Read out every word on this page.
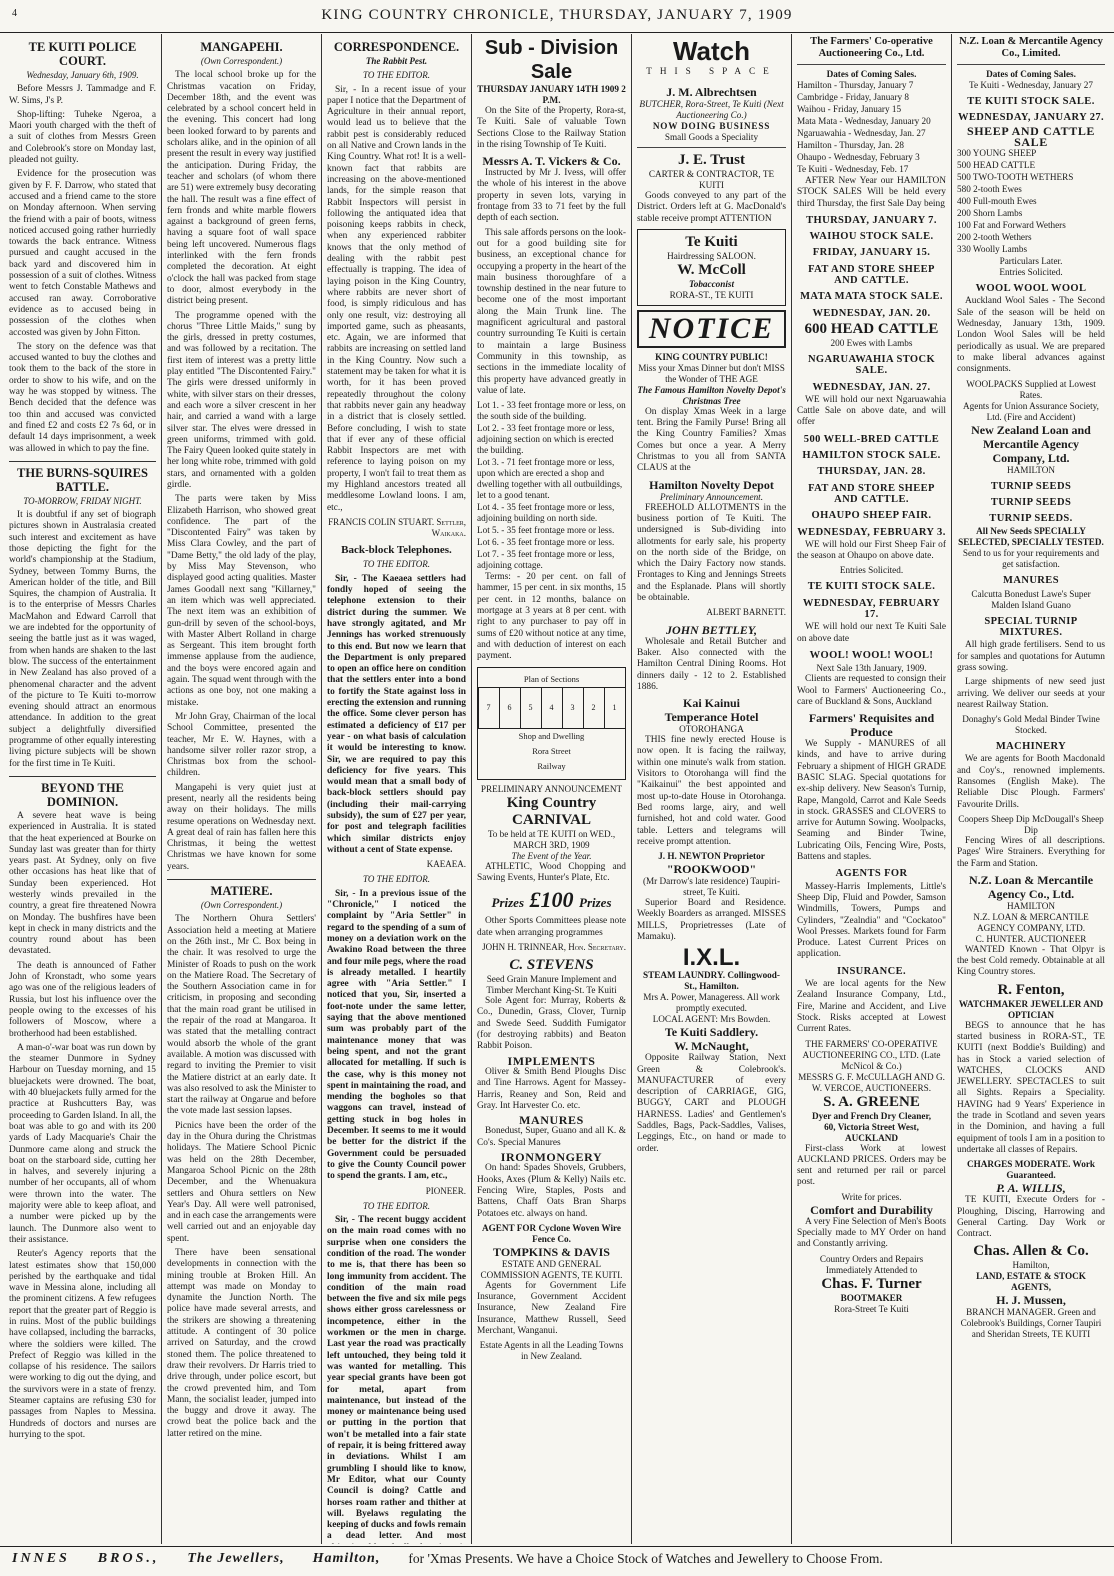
4	KING COUNTRY CHRONICLE, THURSDAY, JANUARY 7, 1909
TE KUITI POLICE COURT.
Wednesday, January 6th, 1909.

Before Messrs J. Tammadge and F. W. Sims, J's P.

Shop-lifting: Tuheke Ngeroa, a Maori youth charged with the theft of a suit of clothes from Messrs Green and Colebrook's store on Monday last, pleaded not guilty.

Evidence for the prosecution was given by F. F. Darrow, who stated that accused and a friend came to the store on Monday afternoon. When serving the friend with a pair of boots, witness noticed accused going rather hurriedly towards the back entrance. Witness pursued and caught accused in the back yard and discovered him in possession of a suit of clothes. Witness went to fetch Constable Mathews and accused ran away. Corroborative evidence as to accused being in possession of the clothes when accosted was given by John Fitton.

The story on the defence was that accused wanted to buy the clothes and took them to the back of the store in order to show to his wife, and on the way he was stopped by witness. The Bench decided that the defence was too thin and accused was convicted and fined £2 and costs £2 7s 6d, or in default 14 days imprisonment, a week was allowed in which to pay the fine.

THE BURNS-SQUIRES BATTLE.
TO-MORROW, FRIDAY NIGHT.

It is doubtful if any set of biograph pictures shown in Australasia created such interest and excitement as have those depicting the fight for the world's championship at the Stadium, Sydney, between Tommy Burns, the American holder of the title, and Bill Squires, the champion of Australia. It is to the enterprise of Messrs Charles MacMahon and Edward Carroll that we are indebted for the opportunity of seeing the battle just as it was waged, from when hands are shaken to the last blow. The success of the entertainment in New Zealand has also proved of a phenomenal character and the advent of the picture to Te Kuiti to-morrow evening should attract an enormous attendance. In addition to the great subject a delightfully diversified programme of other equally interesting living picture subjects will be shown for the first time in Te Kuiti.

BEYOND THE DOMINION.

A severe heat wave is being experienced in Australia. It is stated that the heat experienced at Bourke on Sunday last was greater than for thirty years past. At Sydney, only on five other occasions has heat like that of Sunday been experienced. Hot westerly winds prevailed in the country, a great fire threatened Nowra on Monday. The bushfires have been kept in check in many districts and the country round about has been devastated.

The death is announced of Father John of Kronstadt, who some years ago was one of the religious leaders of Russia, but lost his influence over the people owing to the excesses of his followers of Moscow, where a brotherhood had been established.

A man-o'-war boat was run down by the steamer Dunmore in Sydney Harbour on Tuesday morning, and 15 bluejackets were drowned. The boat, with 40 bluejackets fully armed for the practice at Rushcutters Bay, was proceeding to Garden Island. In all, the boat was able to go and with its 200 yards of Lady Macquarie's Chair the Dunmore came along and struck the boat on the starboard side, cutting her in halves, and severely injuring a number of her occupants, all of whom were thrown into the water. The majority were able to keep afloat, and a number were picked up by the launch. The Dunmore also went to their assistance.

Reuter's Agency reports that the latest estimates show that 150,000 perished by the earthquake and tidal wave in Messina alone, including all the prominent citizens. A few refugees report that the greater part of Reggio is in ruins. Most of the public buildings have collapsed, including the barracks, where the soldiers were killed. The Prefect of Reggio was killed in the collapse of his residence. The sailors were working to dig out the dying, and the survivors were in a state of frenzy. Steamer captains are refusing £30 for passages from Naples to Messina. Hundreds of doctors and nurses are hurrying to the spot.

MANGAPEHI.
(Own Correspondent.)

The local school broke up for the Christmas vacation on Friday, December 18th, and the event was celebrated by a school concert held in the evening. This concert had long been looked forward to by parents and scholars alike, and in the opinion of all present the result in every way justified the anticipation. During Friday, the teacher and scholars (of whom there are 51) were extremely busy decorating the hall. The result was a fine effect of fern fronds and white marble flowers against a background of green ferns, having a square foot of wall space being left uncovered. Numerous flags interlinked with the fern fronds completed the decoration. At eight o'clock the hall was packed from stage to door, almost everybody in the district being present.

The programme opened with the chorus "Three Little Maids," sung by the girls, dressed in pretty costumes, and was followed by a recitation. The first item of interest was a pretty little play entitled "The Discontented Fairy." The girls were dressed uniformly in white, with silver stars on their dresses, and each wore a silver crescent in her hair, and carried a wand with a large silver star. The elves were dressed in green uniforms, trimmed with gold. The Fairy Queen looked quite stately in her long white robe, trimmed with gold stars, and ornamented with a golden girdle.

The parts were taken by Miss Elizabeth Harrison, who showed great confidence. The part of the "Discontented Fairy" was taken by Miss Clara Cowley, and the part of "Dame Betty," the old lady of the play, by Miss May Stevenson, who displayed good acting qualities. Master James Goodall next sang "Killarney," an item which was well appreciated. The next item was an exhibition of gun-drill by seven of the school-boys, with Master Albert Rolland in charge as Sergeant. This item brought forth immense applause from the audience, and the boys were encored again and again. The squad went through with the actions as one boy, not one making a mistake.

Mr John Gray, Chairman of the local School Committee, presented the teacher, Mr E. W. Haynes, with a handsome silver roller razor strop, a Christmas box from the school-children.

Mangapehi is very quiet just at present, nearly all the residents being away on their holidays. The mills resume operations on Wednesday next. A great deal of rain has fallen here this Christmas, it being the wettest Christmas we have known for some years.

MATIERE.
(Own Correspondent.)

The Northern Ohura Settlers' Association held a meeting at Matiere on the 26th inst., Mr C. Box being in the chair. It was resolved to urge the Minister of Roads to push on the work on the Matiere Road. The Secretary of the Southern Association came in for criticism, in proposing and seconding that the main road grant be utilised in the repair of the road at Mangaroa. It was stated that the metalling contract would absorb the whole of the grant available. A motion was discussed with regard to inviting the Premier to visit the Matiere district at an early date. It was also resolved to ask the Minister to start the railway at Ongarue and before the vote made last session lapses.

Picnics have been the order of the day in the Ohura during the Christmas holidays. The Matiere School Picnic was held on the 28th December, Mangaroa School Picnic on the 28th December, and the Whenuakura settlers and Ohura settlers on New Year's Day. All were well patronised, and in each case the arrangements were well carried out and an enjoyable day spent.

There have been sensational developments in connection with the mining trouble at Broken Hill. An attempt was made on Monday to dynamite the Junction North. The police have made several arrests, and the strikers are showing a threatening attitude. A contingent of 30 police arrived on Saturday, and the crowd stoned them. The police threatened to draw their revolvers. Dr Harris tried to drive through, under police escort, but the crowd prevented him, and Tom Mann, the socialist leader, jumped into the buggy and drove it away. The crowd beat the police back and the latter retired on the mine.

CORRESPONDENCE.
The Rabbit Pest.
TO THE EDITOR.

Sir, - In a recent issue of your paper I notice that the Department of Agriculture in their annual report, would lead us to believe that the rabbit pest is considerably reduced on all Native and Crown lands in the King Country. What rot! It is a well-known fact that rabbits are increasing on the above-mentioned lands, for the simple reason that Rabbit Inspectors will persist in following the antiquated idea that poisoning keeps rabbits in check, when any experienced rabbiter knows that the only method of dealing with the rabbit pest effectually is trapping. The idea of laying poison in the King Country, where rabbits are never short of food, is simply ridiculous and has only one result, viz: destroying all imported game, such as pheasants, etc. Again, we are informed that rabbits are increasing on settled land in the King Country. Now such a statement may be taken for what it is worth, for it has been proved repeatedly throughout the colony that rabbits never gain any headway in a district that is closely settled. Before concluding, I wish to state that if ever any of these official Rabbit Inspectors are met with reference to laying poison on my property, I won't fail to treat them as my Highland ancestors treated all meddlesome Lowland loons. I am, etc.,

FRANCIS COLIN STUART. Settler, Waikaka.
Back-block Telephones.
TO THE EDITOR.

Sir, - The Kaeaea settlers had fondly hoped of seeing the telephone extension to their district during the summer. We have strongly agitated, and Mr Jennings has worked strenuously to this end. But now we learn that the Department is only prepared to open an office here on condition that the settlers enter into a bond to fortify the State against loss in erecting the extension and running the office. Some clever person has estimated a deficiency of £17 per year - on what basis of calculation it would be interesting to know. Sir, we are required to pay this deficiency for five years. This would mean that a small body of back-block settlers should pay (including their mail-carrying subsidy), the sum of £27 per year, for post and telegraph facilities which similar districts enjoy without a cent of State expense.

KAEAEA.
TO THE EDITOR.

Sir, - In a previous issue of the "Chronicle," I noticed the complaint by "Aria Settler" in regard to the spending of a sum of money on a deviation work on the Awakino Road between the three and four mile pegs, where the road is already metalled. I heartily agree with "Aria Settler." I noticed that you, Sir, inserted a foot-note under the same letter, saying that the above mentioned sum was probably part of the maintenance money that was being spent, and not the grant allocated for metalling. If such is the case, why is this money not spent in maintaining the road, and mending the bogholes so that waggons can travel, instead of getting stuck in bog holes in December. It seems to me it would be better for the district if the Government could be persuaded to give the County Council power to spend the grants. I am, etc.,

PIONEER.
TO THE EDITOR.

Sir, - The recent buggy accident on the main road comes with no surprise when one considers the condition of the road. The wonder to me is, that there has been so long immunity from accident. The condition of the main road between the five and six mile pegs shows either gross carelessness or incompetence, either in the workmen or the men in charge. Last year the road was practically left untouched, they being told it was wanted for metalling. This year special grants have been got for metal, apart from maintenance, but instead of the money or maintenance being used or putting in the portion that won't be metalled into a fair state of repair, it is being frittered away in deviations. Whilst I am grumbling I should like to know, Mr Editor, what our County Council is doing? Cattle and horses roam rather and thither at will. Byelaws regulating the keeping of ducks and fowls remain a dead letter. And most

Sub - Division Sale
THURSDAY JANUARY 14TH 1909 2 P.M.

On the Site of the Property, Rora-st, Te Kuiti. Sale of valuable Town Sections Close to the Railway Station in the rising Township of Te Kuiti.

Messrs A. T. Vickers & Co.

Instructed by Mr J. Ivess, will offer the whole of his interest in the above property in seven lots, varying in frontage from 33 to 71 feet by the full depth of each section.

This sale affords persons on the look-out for a good building site for business, an exceptional chance for occupying a property in the heart of the main business thoroughfare of a township destined in the near future to become one of the most important along the Main Trunk line. The magnificent agricultural and pastoral country surrounding Te Kuiti is certain to maintain a large Business Community in this township, as sections in the immediate locality of this property have advanced greatly in value of late.

Lot 1. - 33 feet frontage more or less, on the south side of the building.
Lot 2. - 33 feet frontage more or less, adjoining section on which is erected the building.
Lot 3. - 71 feet frontage more or less, upon which are erected a shop and dwelling together with all outbuildings, let to a good tenant.
Lot 4. - 35 feet frontage more or less, adjoining building on north side.
Lot 5. - 35 feet frontage more or less.
Lot 6. - 35 feet frontage more or less.
Lot 7. - 35 feet frontage more or less, adjoining cottage.

Terms: - 20 per cent. on fall of hammer, 15 per cent. in six months, 15 per cent. in 12 months, balance on mortgage at 3 years at 8 per cent. with right to any purchaser to pay off in sums of £20 without notice at any time, and with deduction of interest on each payment.

Plan of Sections
7	6	5	4	3	2	1	Paddock
Shop and Dwelling
Rora Street
Railway
PRELIMINARY ANNOUNCEMENT
King Country CARNIVAL
To be held at TE KUITI on WED., MARCH 3RD, 1909
The Event of the Year.

ATHLETIC, Wood Chopping and Sawing Events, Hunter's Plate, Etc.

Prizes £100 Prizes

Other Sports Committees please note date when arranging programmes

JOHN H. TRINNEAR, Hon. Secretary.
C. STEVENS
Seed Grain Manure Implement and Timber Merchant King-St. Te Kuiti

Sole Agent for: Murray, Roberts & Co., Dunedin, Grass, Clover, Turnip and Swede Seed. Suddith Fumigator (for destroying rabbits) and Beaton Rabbit Poison.

IMPLEMENTS

Oliver & Smith Bend Ploughs Disc and Tine Harrows. Agent for Massey-Harris, Reaney and Son, Reid and Gray. Int Harvester Co. etc.

MANURES

Bonedust, Super, Guano and all K. & Co's. Special Manures

IRONMONGERY

On hand: Spades Shovels, Grubbers, Hooks, Axes (Plum & Kelly) Nails etc. Fencing Wire, Staples, Posts and Battens, Chaff Oats Bran Sharps Potatoes etc. always on hand.

AGENT FOR Cyclone Woven Wire Fence Co.
TOMPKINS & DAVIS
ESTATE AND GENERAL COMMISSION AGENTS, TE KUITI.

Agents for Government Life Insurance, Government Accident Insurance, New Zealand Fire Insurance, Matthew Russell, Seed Merchant, Wanganui.

Estate Agents in all the Leading Towns in New Zealand.
Watch
THIS SPACE
J. M. Albrechtsen
BUTCHER, Rora-Street, Te Kuiti (Next Auctioneering Co.)
NOW DOING BUSINESS
Small Goods a Speciality
J. E. Trust
CARTER & CONTRACTOR, TE KUITI

Goods conveyed to any part of the District. Orders left at G. MacDonald's stable receive prompt ATTENTION

Te Kuiti
Hairdressing SALOON.
W. McColl
Tobacconist
RORA-ST., TE KUITI
NOTICE
KING COUNTRY PUBLIC!
Miss your Xmas Dinner but don't MISS the Wonder of THE AGE
The Famous Hamilton Novelty Depot's Christmas Tree

On display Xmas Week in a large tent. Bring the Family Purse! Bring all the King Country Families? Xmas Comes but once a year. A Merry Christmas to you all from SANTA CLAUS at the

Hamilton Novelty Depot
Preliminary Announcement.

FREEHOLD ALLOTMENTS in the business portion of Te Kuiti. The undersigned is Sub-dividing into allotments for early sale, his property on the north side of the Bridge, on which the Dairy Factory now stands. Frontages to King and Jennings Streets and the Esplanade. Plans will shortly be obtainable.

ALBERT BARNETT.
JOHN BETTLEY,

Wholesale and Retail Butcher and Baker. Also connected with the Hamilton Central Dining Rooms. Hot dinners daily - 12 to 2. Established 1886.

Kai Kainui
Temperance Hotel
OTOROHANGA

THIS fine newly erected House is now open. It is facing the railway, within one minute's walk from station. Visitors to Otorohanga will find the "Kaikainui" the best appointed and most up-to-date House in Otorohanga. Bed rooms large, airy, and well furnished, hot and cold water. Good table. Letters and telegrams will receive prompt attention.

J. H. NEWTON Proprietor
"ROOKWOOD"
(Mr Darrow's late residence) Taupiri-street, Te Kuiti.

Superior Board and Residence. Weekly Boarders as arranged. MISSES MILLS, Proprietresses (Late of Mamaku).

I.X.L.
STEAM LAUNDRY. Collingwood-St., Hamilton.
Mrs A. Power, Manageress. All work promptly executed.
LOCAL AGENT: Mrs Bowden.
Te Kuiti Saddlery.
W. McNaught,

Opposite Railway Station, Next Green & Colebrook's. MANUFACTURER of every description of CARRIAGE, GIG, BUGGY, CART and PLOUGH HARNESS. Ladies' and Gentlemen's Saddles, Bags, Pack-Saddles, Valises, Leggings, Etc., on hand or made to order.

The Farmers' Co-operative Auctioneering Co., Ltd.
Dates of Coming Sales.
Hamilton - Thursday, January 7
Cambridge - Friday, January 8
Waihou - Friday, January 15
Mata Mata - Wednesday, January 20
Ngaruawahia - Wednesday, Jan. 27
Hamilton - Thursday, Jan. 28
Ohaupo - Wednesday, February 3
Te Kuiti - Wednesday, Feb. 17

AFTER New Year our HAMILTON STOCK SALES Will be held every third Thursday, the first Sale Day being

THURSDAY, JANUARY 7.
WAIHOU STOCK SALE.
FRIDAY, JANUARY 15.
FAT AND STORE SHEEP AND CATTLE.
MATA MATA STOCK SALE.
WEDNESDAY, JAN. 20.
600 HEAD CATTLE
200 Ewes with Lambs
NGARUAWAHIA STOCK SALE.
WEDNESDAY, JAN. 27.

WE will hold our next Ngaruawahia Cattle Sale on above date, and will offer

500 WELL-BRED CATTLE
HAMILTON STOCK SALE.
THURSDAY, JAN. 28.
FAT AND STORE SHEEP AND CATTLE.
OHAUPO SHEEP FAIR.
WEDNESDAY, FEBRUARY 3.

WE will hold our First Sheep Fair of the season at Ohaupo on above date.

Entries Solicited.
TE KUITI STOCK SALE.
WEDNESDAY, FEBRUARY 17.

WE will hold our next Te Kuiti Sale on above date

WOOL! WOOL! WOOL!
Next Sale 13th January, 1909.

Clients are requested to consign their Wool to Farmers' Auctioneering Co., care of Buckland & Sons, Auckland

Farmers' Requisites and Produce

We Supply - MANURES of all kinds, and have to arrive during February a shipment of HIGH GRADE BASIC SLAG. Special quotations for ex-ship delivery. New Season's Turnip, Rape, Mangold, Carrot and Kale Seeds in stock. GRASSES and CLOVERS to arrive for Autumn Sowing. Woolpacks, Seaming and Binder Twine, Lubricating Oils, Fencing Wire, Posts, Battens and staples.

AGENTS FOR

Massey-Harris Implements, Little's Sheep Dip, Fluid and Powder, Samson Windmills, Towers, Pumps and Cylinders, "Zealndia" and "Cockatoo" Wool Presses. Markets found for Farm Produce. Latest Current Prices on application.

INSURANCE.

We are local agents for the New Zealand Insurance Company, Ltd., Fire, Marine and Accident, and Live Stock. Risks accepted at Lowest Current Rates.

THE FARMERS' CO-OPERATIVE AUCTIONEERING CO., LTD. (Late McNicol & Co.)
MESSRS G. F. McCULLAGH AND G. W. VERCOE, AUCTIONEERS.
S. A. GREENE
Dyer and French Dry Cleaner,
60, Victoria Street West, AUCKLAND

First-class Work at lowest AUCKLAND PRICES. Orders may be sent and returned per rail or parcel post.

Write for prices.
Comfort and Durability

A very Fine Selection of Men's Boots Specially made to MY Order on hand and Constantly arriving.

Country Orders and Repairs Immediately Attended to
Chas. F. Turner
BOOTMAKER
Rora-Street Te Kuiti
N.Z. Loan & Mercantile Agency Co., Limited.
Dates of Coming Sales.
Te Kuiti - Wednesday, January 27
TE KUITI STOCK SALE.
WEDNESDAY, JANUARY 27.
SHEEP AND CATTLE SALE
300 YOUNG SHEEP
500 HEAD CATTLE
500 TWO-TOOTH WETHERS
580 2-tooth Ewes
400 Full-mouth Ewes
200 Shorn Lambs
100 Fat and Forward Wethers
200 2-tooth Wethers
330 Woolly Lambs
Particulars Later.
Entries Solicited.
WOOL WOOL WOOL

Auckland Wool Sales - The Second Sale of the season will be held on Wednesday, January 13th, 1909. London Wool Sales will be held periodically as usual. We are prepared to make liberal advances against consignments.

WOOLPACKS Supplied at Lowest Rates.
Agents for Union Assurance Society, Ltd. (Fire and Accident)
New Zealand Loan and Mercantile Agency Company, Ltd.
HAMILTON
TURNIP SEEDS
TURNIP SEEDS
TURNIP SEEDS.
All New Seeds SPECIALLY SELECTED, SPECIALLY TESTED.
Send to us for your requirements and get satisfaction.
MANURES
Calcutta Bonedust Lawe's Super Malden Island Guano
SPECIAL TURNIP MIXTURES.

All high grade fertilisers. Send to us for samples and quotations for Autumn grass sowing.

Large shipments of new seed just arriving. We deliver our seeds at your nearest Railway Station.

Donaghy's Gold Medal Binder Twine Stocked.
MACHINERY

We are agents for Booth Macdonald and Coy's., renowned implements. Ransomes (English Make). The Reliable Disc Plough. Farmers' Favourite Drills.

Coopers Sheep Dip McDougall's Sheep Dip

Fencing Wires of all descriptions. Pages' Wire Strainers. Everything for the Farm and Station.

N.Z. Loan & Mercantile Agency Co., Ltd.
HAMILTON
N.Z. LOAN & MERCANTILE AGENCY COMPANY, LTD.
C. HUNTER. AUCTIONEER

WANTED Known - That Olpyr is the best Cold remedy. Obtainable at all King Country stores.

R. Fenton,
WATCHMAKER JEWELLER AND OPTICIAN

BEGS to announce that he has started business in RORA-ST., TE KUITI (next Boddie's Building) and has in Stock a varied selection of WATCHES, CLOCKS AND JEWELLERY. SPECTACLES to suit all Sights. Repairs a Speciality. HAVING had 9 Years' Experience in the trade in Scotland and seven years in the Dominion, and having a full equipment of tools I am in a position to undertake all classes of Repairs.

CHARGES MODERATE. Work Guaranteed.
P. A. WILLIS,

TE KUITI, Execute Orders for - Ploughing, Discing, Harrowing and General Carting. Day Work or Contract.

Chas. Allen & Co.
Hamilton,
LAND, ESTATE & STOCK AGENTS,
H. J. Mussen,
BRANCH MANAGER. Green and Colebrook's Buildings, Corner Taupiri and Sheridan Streets, TE KUITI
INNES BROS., The Jewellers, Hamilton, for 'Xmas Presents. We have a Choice Stock of Watches and Jewellery to Choose From.
